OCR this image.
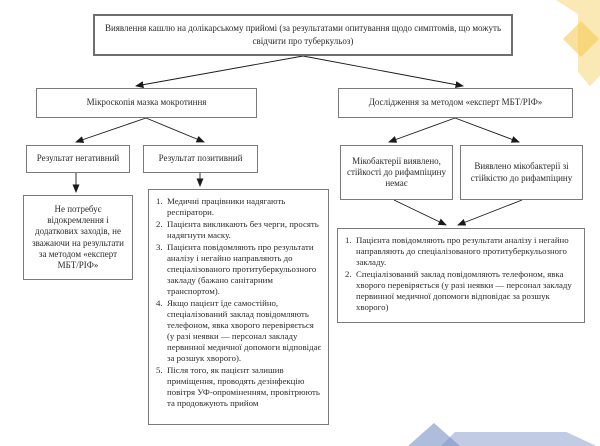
Виявлення кашлю на долікарському прийомі (за результатами опитування щодо симптомів, що можуть свідчити про туберкульоз)
Мікроскопія мазка мокротиння	Дослідження за методом «експерт МБТ/РІФ»
Результат негативний	Результат позитивний	Мікобактерії виявлено, стійкості до рифампіцину немає
Виявлено мікобактерії зі стійкістю до рифампіцину
Не потребує відокремлення і додаткових заходів, не зважаючи на результати за методом «експерт МБТ/РІФ»
1. Медичні працівники надягають респіратори.
2. Пацієнта викликають без черги, просять надягнути маску.
3. Пацієнта повідомляють про результати аналізу і негайно направляють до спеціалізованого протитуберкульозного закладу (бажано санітарним транспортом).
4. Якщо пацієнт їде самостійно, спеціалізований заклад повідомляють телефоном, явка хворого перевіряється (у разі неявки — персонал закладу первинної медичної допомоги відповідає за розшук хворого).
5. Після того, як пацієнт залишив приміщення, проводять дезінфекцію повітря УФ-опроміненням, провітрюють та продовжують прийом
1. Пацієнта повідомляють про результати аналізу і негайно направляють до спеціалізованого протитуберкульозного закладу.
2. Спеціалізований заклад повідомляють телефоном, явка хворого перевіряється (у разі неявки — персонал закладу первинної медичної допомоги відповідає за розшук хворого)
